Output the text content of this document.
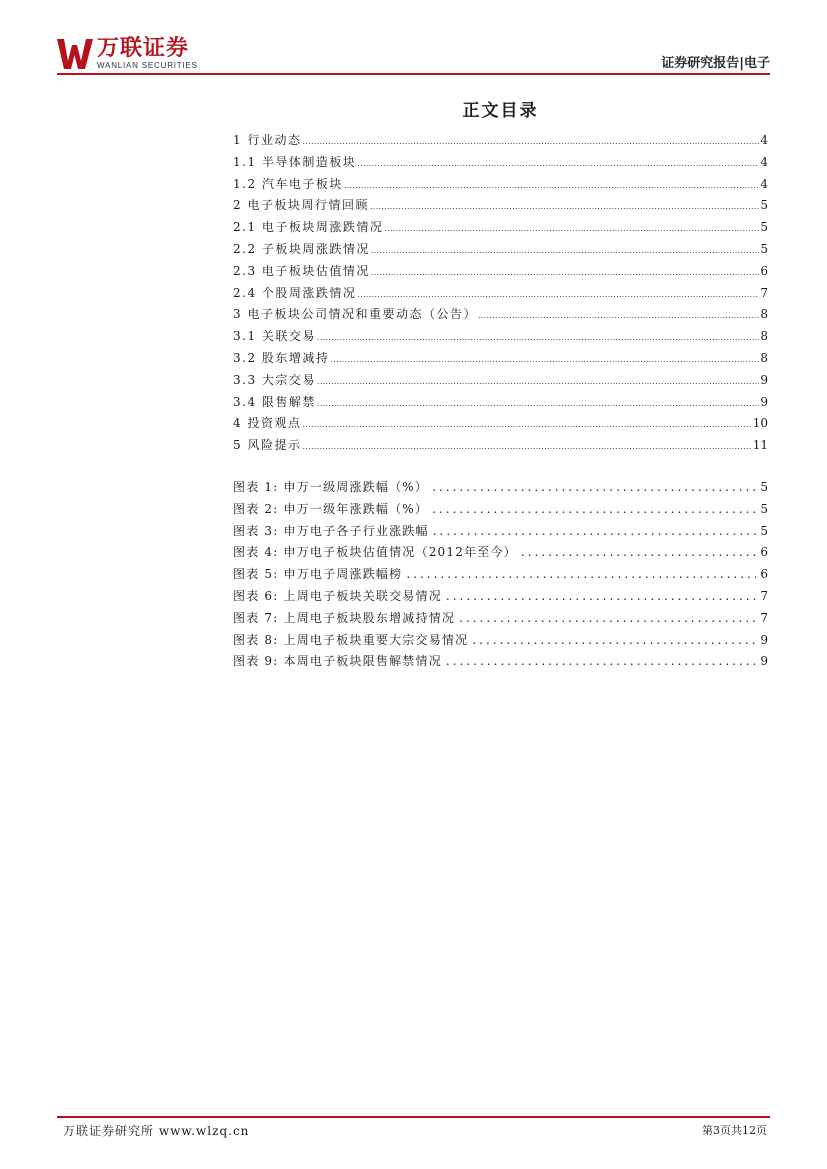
万联证券
WANLIAN SECURITIES	证券研究报告|电子
正文目录
1 行业动态 .....	4
1.1 半导体制造板块 .....	4
1.2 汽车电子板块 .....	4
2 电子板块周行情回顾 .....	5
2.1 电子板块周涨跌情况 .....	5
2.2 子板块周涨跌情况 .....	5
2.3 电子板块估值情况 .....	6
2.4 个股周涨跌情况 .....	7
3 电子板块公司情况和重要动态（公告） .....	8
3.1 关联交易 .....	8
3.2 股东增减持 .....	8
3.3 大宗交易 .....	9
3.4 限售解禁 .....	9
4 投资观点 .....	10
5 风险提示 .....	11
图表 1: 申万一级周涨跌幅（%） .....	5
图表 2: 申万一级年涨跌幅（%） .....	5
图表 3: 申万电子各子行业涨跌幅 .....	5
图表 4: 申万电子板块估值情况（2012年至今） .....	6
图表 5: 申万电子周涨跌幅榜 .....	6
图表 6: 上周电子板块关联交易情况 .....	7
图表 7: 上周电子板块股东增减持情况 .....	7
图表 8: 上周电子板块重要大宗交易情况 .....	9
图表 9: 本周电子板块限售解禁情况 .....	9
万联证券研究所 www.wlzq.cn	第3页共12页
